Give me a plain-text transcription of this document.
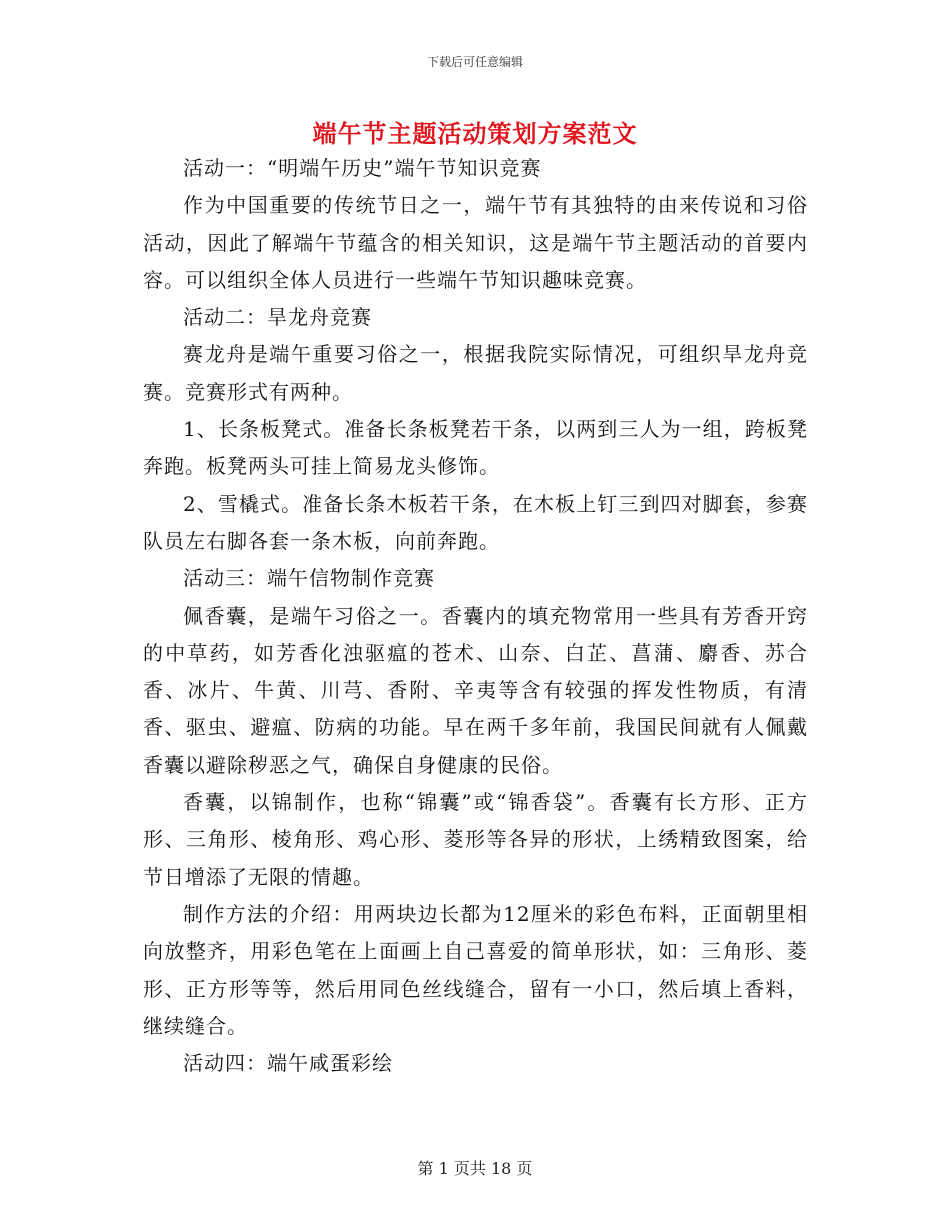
下载后可任意编辑
端午节主题活动策划方案范文

活动一：“明端午历史”端午节知识竞赛

作为中国重要的传统节日之一，端午节有其独特的由来传说和习俗活动，因此了解端午节蕴含的相关知识，这是端午节主题活动的首要内容。可以组织全体人员进行一些端午节知识趣味竞赛。

活动二：旱龙舟竞赛

赛龙舟是端午重要习俗之一，根据我院实际情况，可组织旱龙舟竞赛。竞赛形式有两种。

1、长条板凳式。准备长条板凳若干条，以两到三人为一组，跨板凳奔跑。板凳两头可挂上简易龙头修饰。

2、雪橇式。准备长条木板若干条，在木板上钉三到四对脚套，参赛队员左右脚各套一条木板，向前奔跑。

活动三：端午信物制作竞赛

佩香囊，是端午习俗之一。香囊内的填充物常用一些具有芳香开窍的中草药，如芳香化浊驱瘟的苍术、山奈、白芷、菖蒲、麝香、苏合香、冰片、牛黄、川芎、香附、辛夷等含有较强的挥发性物质，有清香、驱虫、避瘟、防病的功能。早在两千多年前，我国民间就有人佩戴香囊以避除秽恶之气，确保自身健康的民俗。

香囊，以锦制作，也称“锦囊”或“锦香袋”。香囊有长方形、正方形、三角形、棱角形、鸡心形、菱形等各异的形状，上绣精致图案，给节日增添了无限的情趣。

制作方法的介绍：用两块边长都为12厘米的彩色布料，正面朝里相向放整齐，用彩色笔在上面画上自己喜爱的简单形状，如：三角形、菱形、正方形等等，然后用同色丝线缝合，留有一小口，然后填上香料，继续缝合。

活动四：端午咸蛋彩绘

第 1 页共 18 页
